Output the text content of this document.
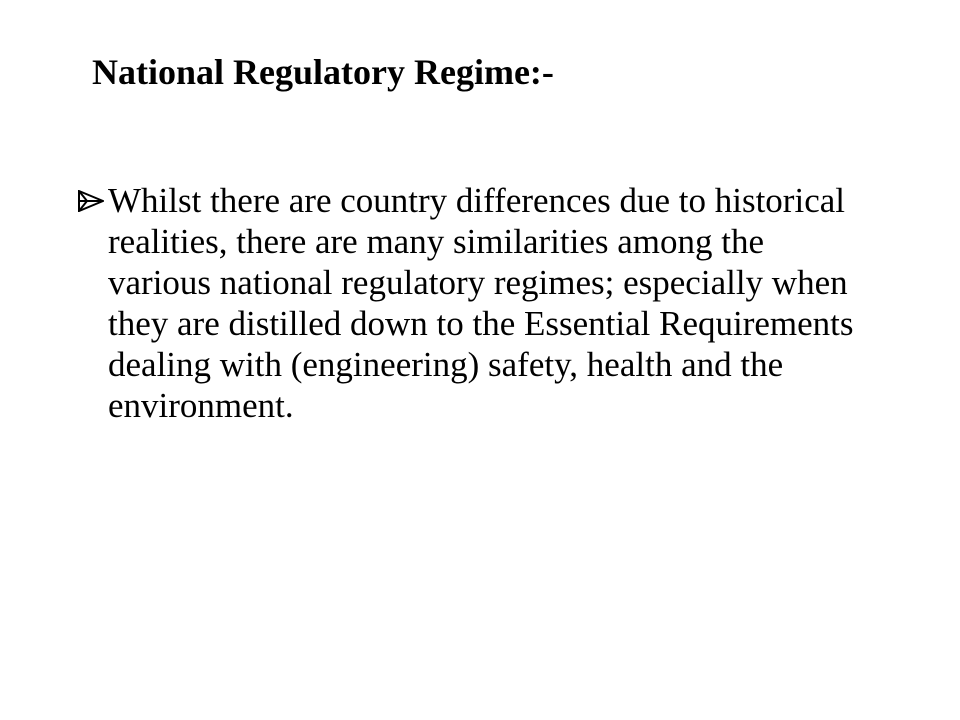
National Regulatory Regime:-
Whilst there are country differences due to historical realities, there are many similarities among the various national regulatory regimes; especially when they are distilled down to the Essential Requirements dealing with (engineering) safety, health and the environment.
